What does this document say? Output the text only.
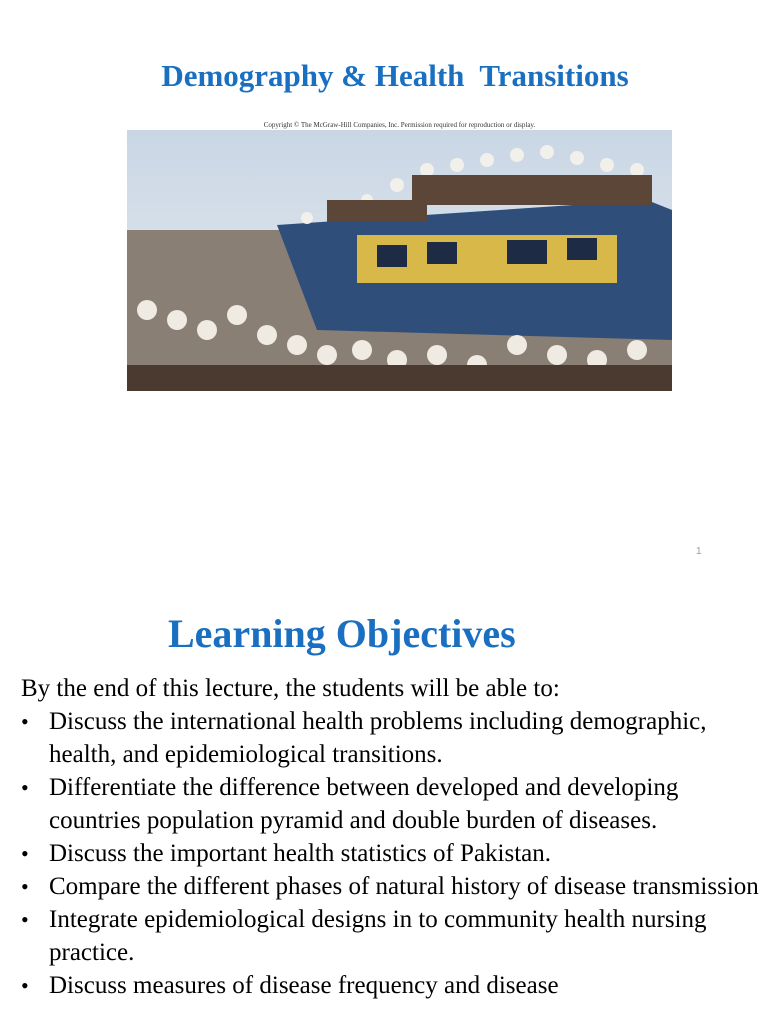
Demography & Health  Transitions
Copyright © The McGraw-Hill Companies, Inc. Permission required for reproduction or display.
1
Learning Objectives
By the end of this lecture, the students will be able to:
• Discuss the international health problems including demographic, health, and epidemiological transitions.
• Differentiate the difference between developed and developing countries population pyramid and double burden of diseases.
• Discuss the important health statistics of Pakistan.
• Compare the different phases of natural history of disease transmission
• Integrate epidemiological designs in to community health nursing practice.
• Discuss measures of disease frequency and disease
